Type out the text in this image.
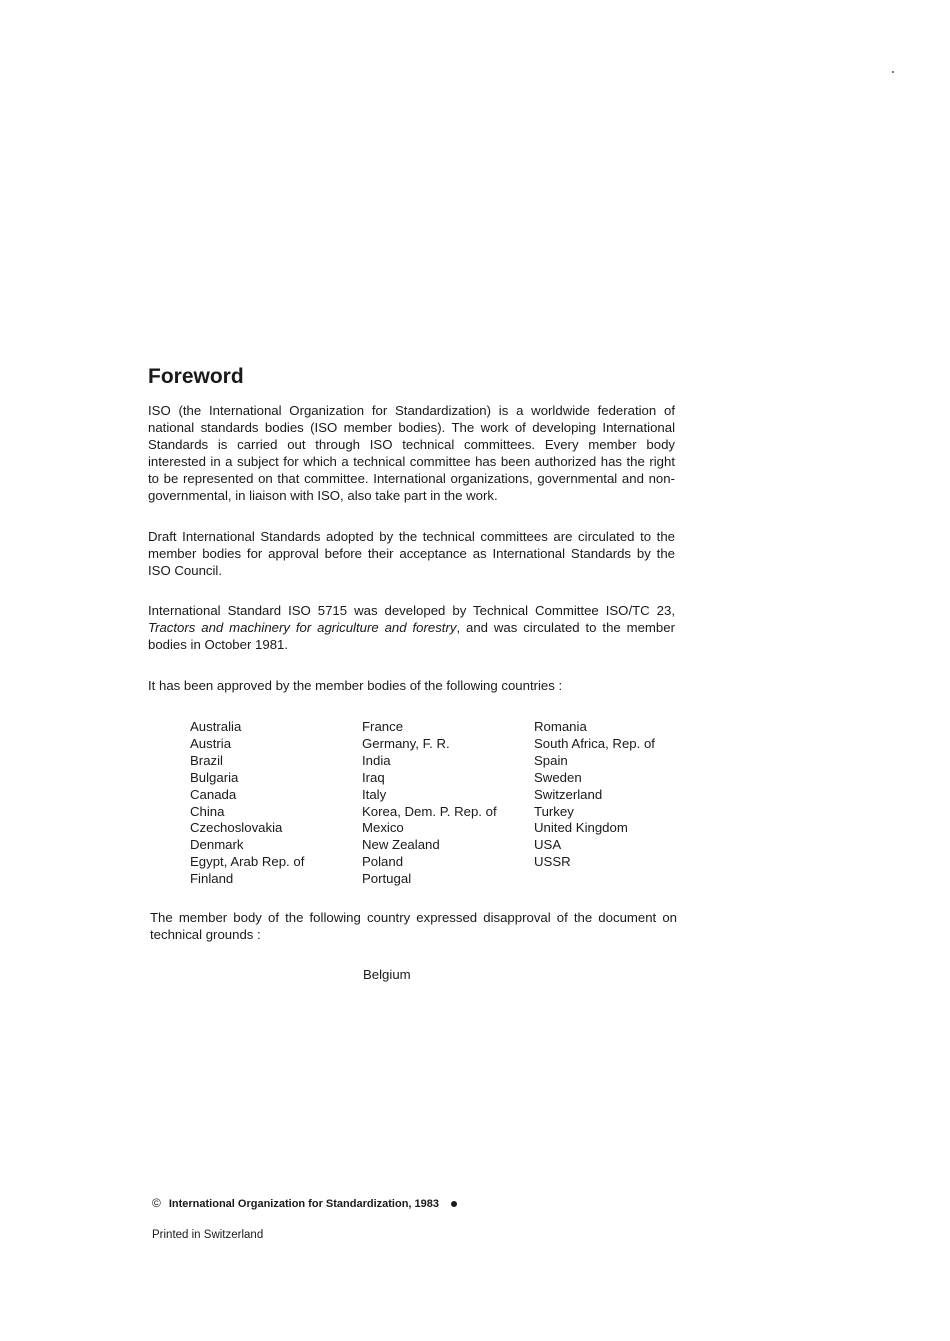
Foreword

ISO (the International Organization for Standardization) is a worldwide federation of national standards bodies (ISO member bodies). The work of developing International Standards is carried out through ISO technical committees. Every member body interested in a subject for which a technical committee has been authorized has the right to be represented on that committee. International organizations, governmental and non-governmental, in liaison with ISO, also take part in the work.

Draft International Standards adopted by the technical committees are circulated to the member bodies for approval before their acceptance as International Standards by the ISO Council.

International Standard ISO 5715 was developed by Technical Committee ISO/TC 23, Tractors and machinery for agriculture and forestry, and was circulated to the member bodies in October 1981.

It has been approved by the member bodies of the following countries :

Australia
Austria
Brazil
Bulgaria
Canada
China
Czechoslovakia
Denmark
Egypt, Arab Rep. of
Finland
France
Germany, F. R.
India
Iraq
Italy
Korea, Dem. P. Rep. of
Mexico
New Zealand
Poland
Portugal
Romania
South Africa, Rep. of
Spain
Sweden
Switzerland
Turkey
United Kingdom
USA
USSR

The member body of the following country expressed disapproval of the document on technical grounds :

Belgium

© International Organization for Standardization, 1983
Printed in Switzerland
